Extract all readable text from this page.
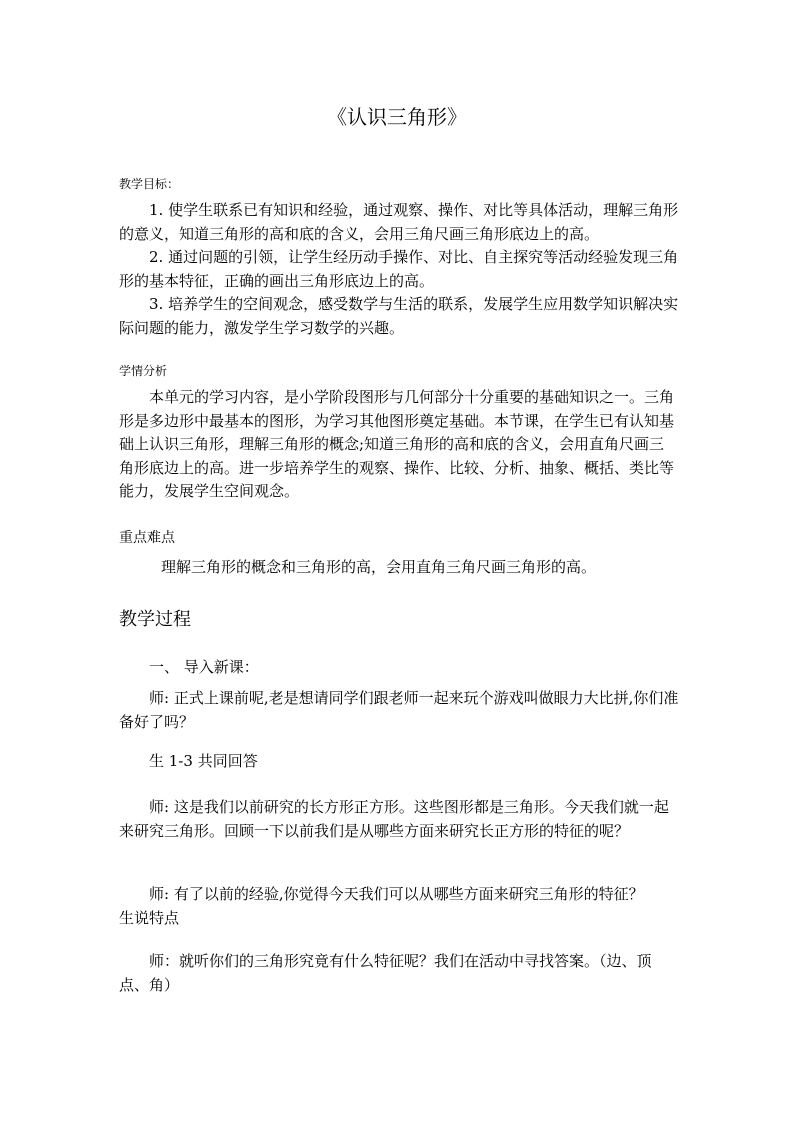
《认识三角形》
教学目标：

1. 使学生联系已有知识和经验，通过观察、操作、对比等具体活动，理解三角形的意义，知道三角形的高和底的含义，会用三角尺画三角形底边上的高。

2. 通过问题的引领，让学生经历动手操作、对比、自主探究等活动经验发现三角形的基本特征，正确的画出三角形底边上的高。

3. 培养学生的空间观念，感受数学与生活的联系，发展学生应用数学知识解决实际问题的能力，激发学生学习数学的兴趣。

学情分析

本单元的学习内容，是小学阶段图形与几何部分十分重要的基础知识之一。三角形是多边形中最基本的图形，为学习其他图形奠定基础。本节课，在学生已有认知基础上认识三角形，理解三角形的概念;知道三角形的高和底的含义，会用直角尺画三角形底边上的高。进一步培养学生的观察、操作、比较、分析、抽象、概括、类比等能力，发展学生空间观念。

重点难点

理解三角形的概念和三角形的高，会用直角三角尺画三角形的高。

教学过程

一、 导入新课：

师: 正式上课前呢,老是想请同学们跟老师一起来玩个游戏叫做眼力大比拼,你们准备好了吗？

生 1-3 共同回答

师: 这是我们以前研究的长方形正方形。这些图形都是三角形。今天我们就一起来研究三角形。回顾一下以前我们是从哪些方面来研究长正方形的特征的呢？

师: 有了以前的经验,你觉得今天我们可以从哪些方面来研究三角形的特征？

生说特点

师：就听你们的三角形究竟有什么特征呢？我们在活动中寻找答案。（边、顶点、角）
